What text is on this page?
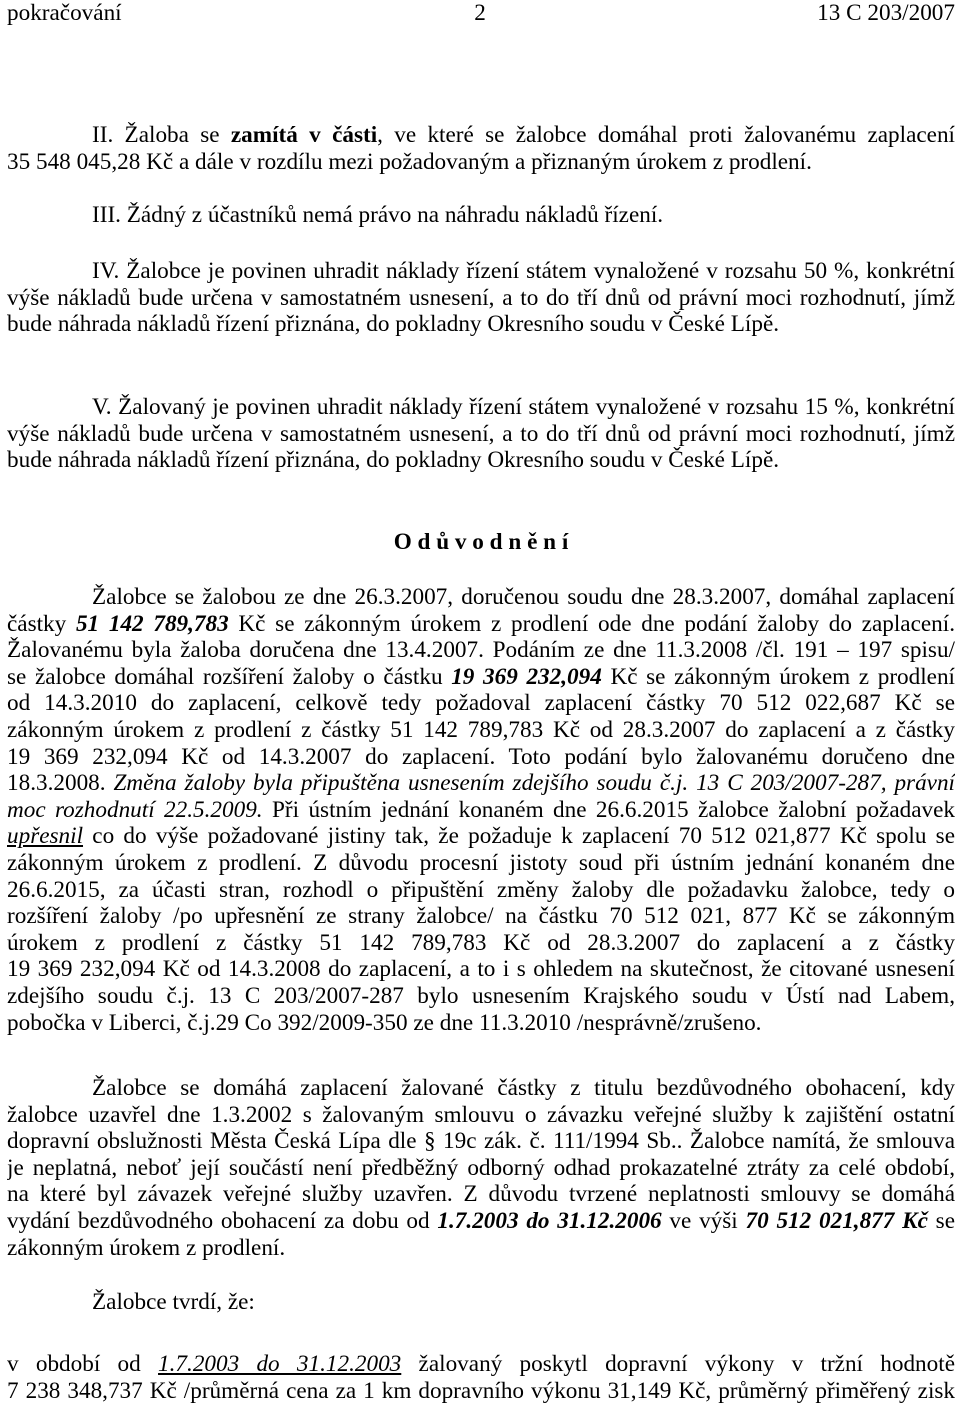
pokračování	2	13 C 203/2007
II. Žaloba se zamítá v části, ve které se žalobce domáhal proti žalovanému zaplacení
35 548 045,28 Kč a dále v rozdílu mezi požadovaným a přiznaným úrokem z prodlení.
III. Žádný z účastníků nemá právo na náhradu nákladů řízení.
IV. Žalobce je povinen uhradit náklady řízení státem vynaložené v rozsahu 50 %, konkrétní
výše nákladů bude určena v samostatném usnesení, a to do tří dnů od právní moci rozhodnutí, jímž
bude náhrada nákladů řízení přiznána, do pokladny Okresního soudu v České Lípě.
V. Žalovaný je povinen uhradit náklady řízení státem vynaložené v rozsahu 15 %, konkrétní
výše nákladů bude určena v samostatném usnesení, a to do tří dnů od právní moci rozhodnutí, jímž
bude náhrada nákladů řízení přiznána, do pokladny Okresního soudu v České Lípě.
O d ů v o d n ě n í
Žalobce se žalobou ze dne 26.3.2007, doručenou soudu dne 28.3.2007, domáhal zaplacení
částky 51 142 789,783 Kč se zákonným úrokem z prodlení ode dne podání žaloby do zaplacení.
Žalovanému byla žaloba doručena dne 13.4.2007. Podáním ze dne 11.3.2008 /čl. 191 – 197 spisu/
se žalobce domáhal rozšíření žaloby o částku 19 369 232,094 Kč se zákonným úrokem z prodlení
od 14.3.2010 do zaplacení, celkově tedy požadoval zaplacení částky 70 512 022,687 Kč se
zákonným úrokem z prodlení z částky 51 142 789,783 Kč od 28.3.2007 do zaplacení a z částky
19 369 232,094 Kč od 14.3.2007 do zaplacení. Toto podání bylo žalovanému doručeno dne
18.3.2008. Změna žaloby byla připuštěna usnesením zdejšího soudu č.j. 13 C 203/2007-287, právní
moc rozhodnutí 22.5.2009. Při ústním jednání konaném dne 26.6.2015 žalobce žalobní požadavek
upřesnil co do výše požadované jistiny tak, že požaduje k zaplacení 70 512 021,877 Kč spolu se
zákonným úrokem z prodlení. Z důvodu procesní jistoty soud při ústním jednání konaném dne
26.6.2015, za účasti stran, rozhodl o připuštění změny žaloby dle požadavku žalobce, tedy o
rozšíření žaloby /po upřesnění ze strany žalobce/ na částku 70 512 021, 877 Kč se zákonným
úrokem z prodlení z částky 51 142 789,783 Kč od 28.3.2007 do zaplacení a z částky
19 369 232,094 Kč od 14.3.2008 do zaplacení, a to i s ohledem na skutečnost, že citované usnesení
zdejšího soudu č.j. 13 C 203/2007-287 bylo usnesením Krajského soudu v Ústí nad Labem,
pobočka v Liberci, č.j.29 Co 392/2009-350 ze dne 11.3.2010 /nesprávně/zrušeno.
Žalobce se domáhá zaplacení žalované částky z titulu bezdůvodného obohacení, kdy
žalobce uzavřel dne 1.3.2002 s žalovaným smlouvu o závazku veřejné služby k zajištění ostatní
dopravní obslužnosti Města Česká Lípa dle § 19c zák. č. 111/1994 Sb.. Žalobce namítá, že smlouva
je neplatná, neboť její součástí není předběžný odborný odhad prokazatelné ztráty za celé období,
na které byl závazek veřejné služby uzavřen. Z důvodu tvrzené neplatnosti smlouvy se domáhá
vydání bezdůvodného obohacení za dobu od 1.7.2003 do 31.12.2006 ve výši 70 512 021,877 Kč se
zákonným úrokem z prodlení.
Žalobce tvrdí, že:
v období od 1.7.2003 do 31.12.2003 žalovaný poskytl dopravní výkony v tržní hodnotě
7 238 348,737 Kč /průměrná cena za 1 km dopravního výkonu 31,149 Kč, průměrný přiměřený zisk
